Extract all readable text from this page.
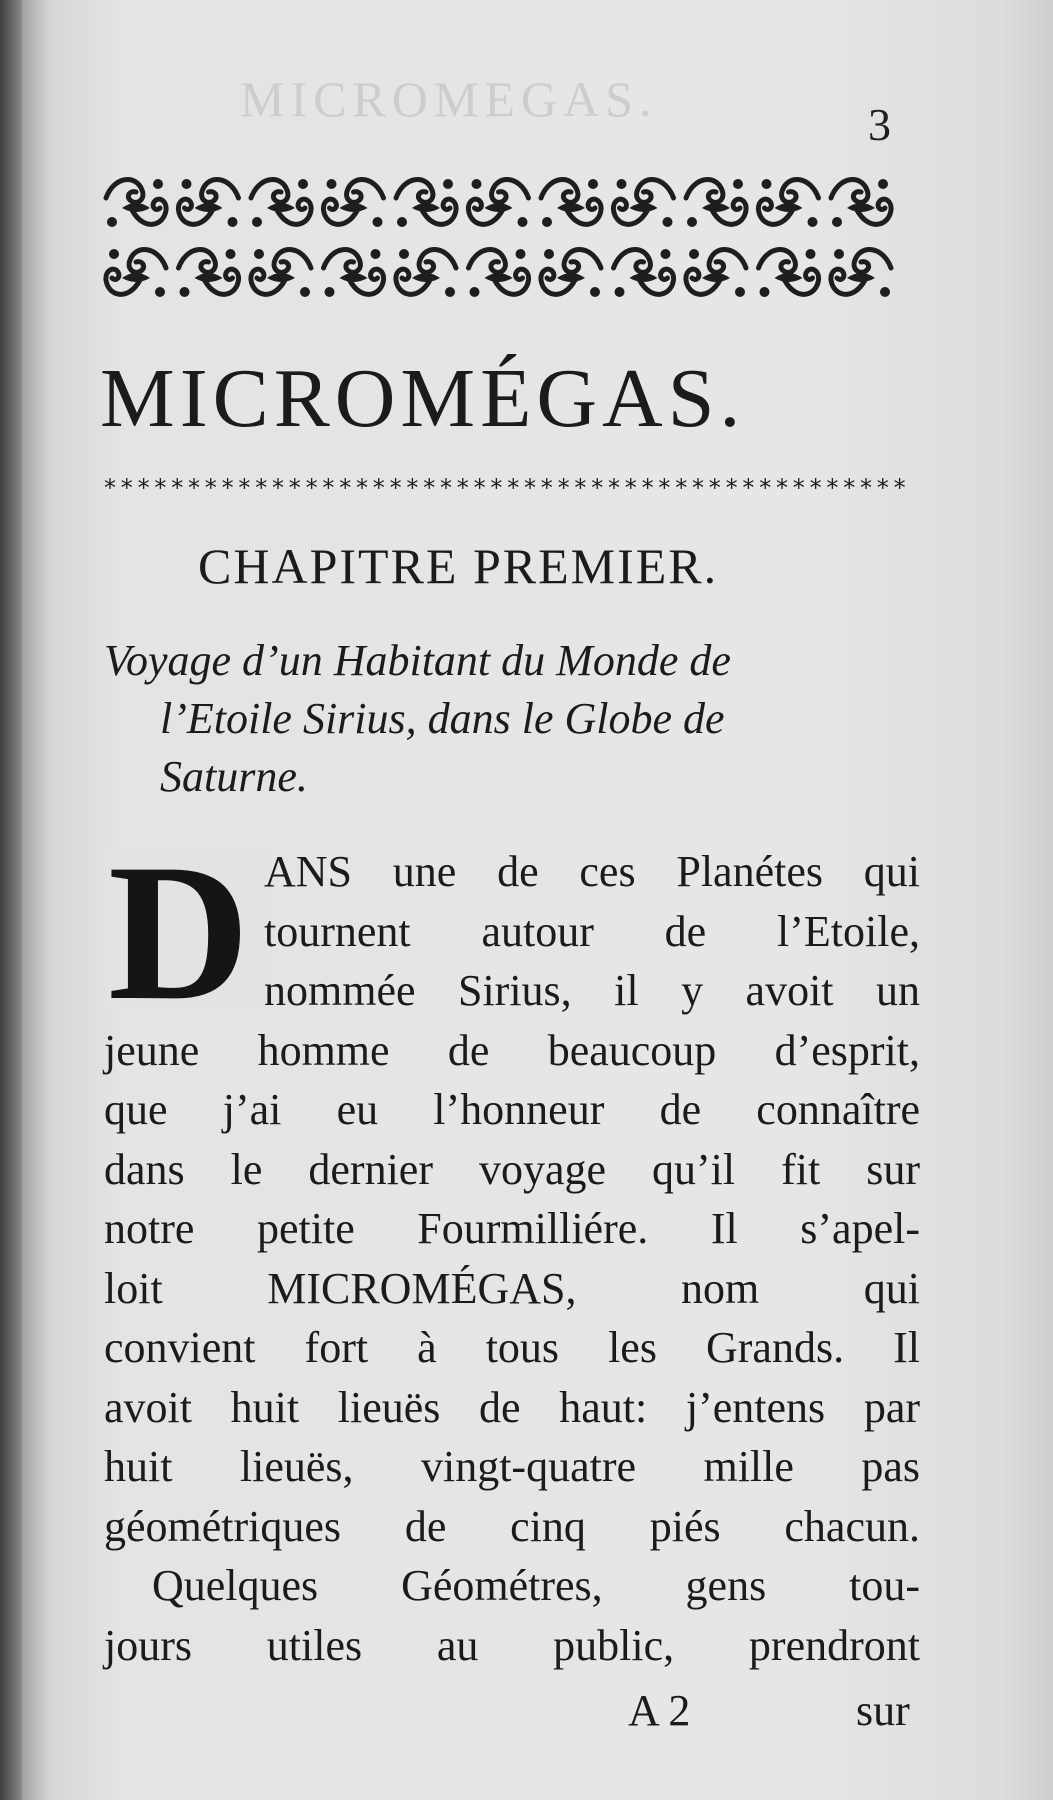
MICROMEGAS.	3
MICROMÉGAS.
* * * * * * * * * * * * * * * * * * * * * * * * * * * * * * * * * * * * * * * * * * * * * * * *
CHAPITRE PREMIER.
Voyage d’un Habitant du Monde de
l’Etoile Sirius, dans le Globe de
Saturne.
D ANS une de ces Planétes qui
tournent autour de l’Etoile,
nommée Sirius, il y avoit un
jeune homme de beaucoup d’esprit,
que j’ai eu l’honneur de connaître
dans le dernier voyage qu’il fit sur
notre petite Fourmilliére. Il s’apel-
loit MICROMÉGAS, nom qui
convient fort à tous les Grands. Il
avoit huit lieuës de haut: j’entens par
huit lieuës, vingt-quatre mille pas
géométriques de cinq piés chacun.
Quelques Géométres, gens tou-
jours utiles au public, prendront
A 2	sur
